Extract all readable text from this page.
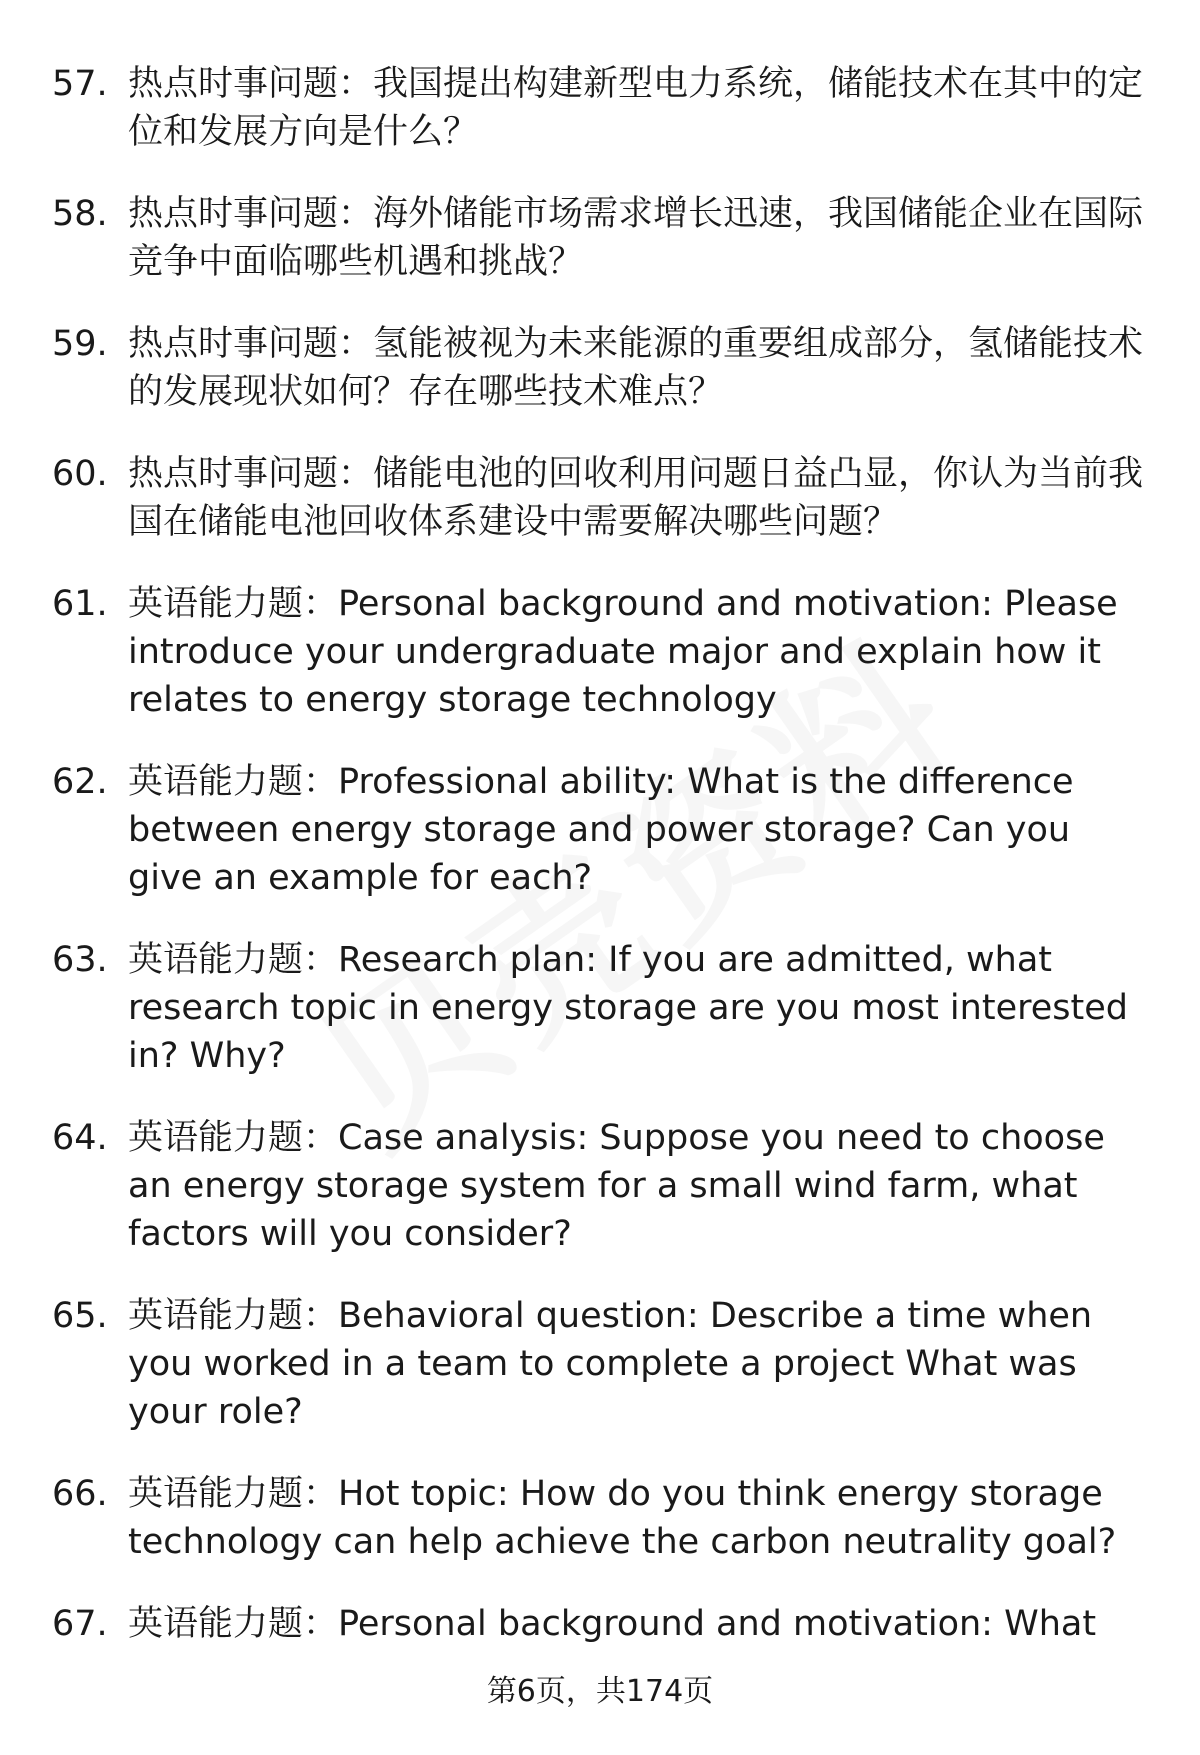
57. 热点时事问题：我国提出构建新型电力系统，储能技术在其中的定位和发展方向是什么？
58. 热点时事问题：海外储能市场需求增长迅速，我国储能企业在国际竞争中面临哪些机遇和挑战？
59. 热点时事问题：氢能被视为未来能源的重要组成部分，氢储能技术的发展现状如何？存在哪些技术难点？
60. 热点时事问题：储能电池的回收利用问题日益凸显，你认为当前我国在储能电池回收体系建设中需要解决哪些问题？
61. 英语能力题：Personal background and motivation: Please introduce your undergraduate major and explain how it relates to energy storage technology
62. 英语能力题：Professional ability: What is the difference between energy storage and power storage? Can you give an example for each?
63. 英语能力题：Research plan: If you are admitted, what research topic in energy storage are you most interested in? Why?
64. 英语能力题：Case analysis: Suppose you need to choose an energy storage system for a small wind farm, what factors will you consider?
65. 英语能力题：Behavioral question: Describe a time when you worked in a team to complete a project What was your role?
66. 英语能力题：Hot topic: How do you think energy storage technology can help achieve the carbon neutrality goal?
67. 英语能力题：Personal background and motivation: What
第6页，共174页
